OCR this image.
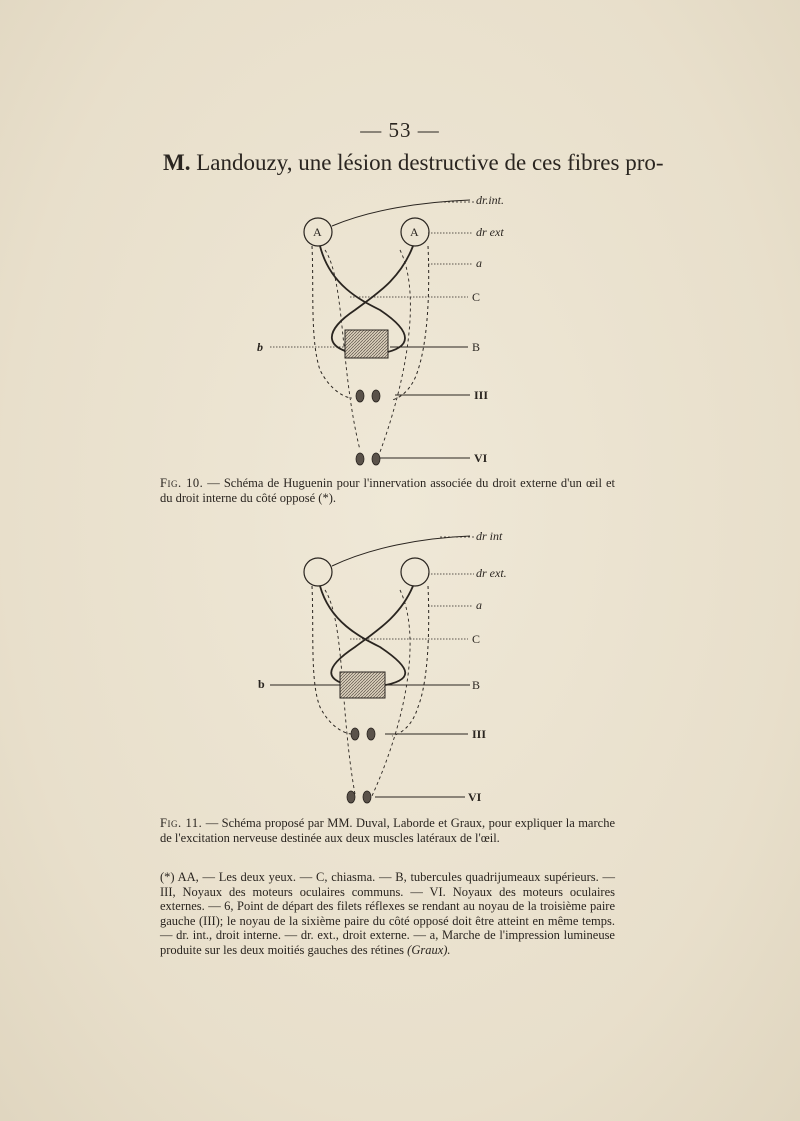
— 53 —
M. Landouzy, une lésion destructive de ces fibres pro-
A	A
dr.int.
dr ext
a
C
b	B
III
VI
Fig. 10. — Schéma de Huguenin pour l'innervation associée du droit externe d'un œil et du droit interne du côté opposé (*).
dr int
dr ext.
a
C
b	B
III
VI
Fig. 11. — Schéma proposé par MM. Duval, Laborde et Graux, pour expliquer la marche de l'excitation nerveuse destinée aux deux muscles latéraux de l'œil.
(*) AA, — Les deux yeux. — C, chiasma. — B, tubercules quadrijumeaux supérieurs. — III, Noyaux des moteurs oculaires communs. — VI. Noyaux des moteurs oculaires externes. — 6, Point de départ des filets réflexes se rendant au noyau de la troisième paire gauche (III); le noyau de la sixième paire du côté opposé doit être atteint en même temps. — dr. int., droit interne. — dr. ext., droit externe. — a, Marche de l'impression lumineuse produite sur les deux moitiés gauches des rétines (Graux).
